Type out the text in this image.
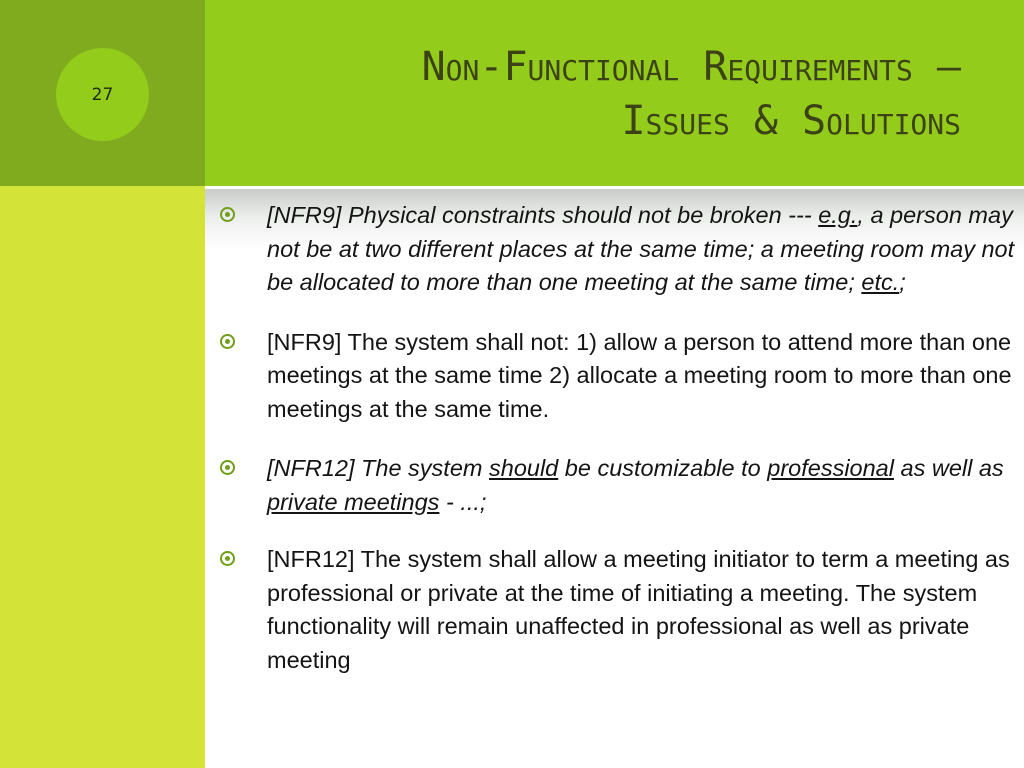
27
Non-Functional Requirements –
Issues & Solutions
[NFR9] Physical constraints should not be broken --- e.g., a person may not be at two different places at the same time; a meeting room may not be allocated to more than one meeting at the same time; etc.;
[NFR9] The system shall not: 1) allow a person to attend more than one meetings at the same time 2) allocate a meeting room to more than one meetings at the same time.
[NFR12] The system should be customizable to professional as well as private meetings - ...;
[NFR12] The system shall allow a meeting initiator to term a meeting as professional or private at the time of initiating a meeting. The system functionality will remain unaffected in professional as well as private meeting
